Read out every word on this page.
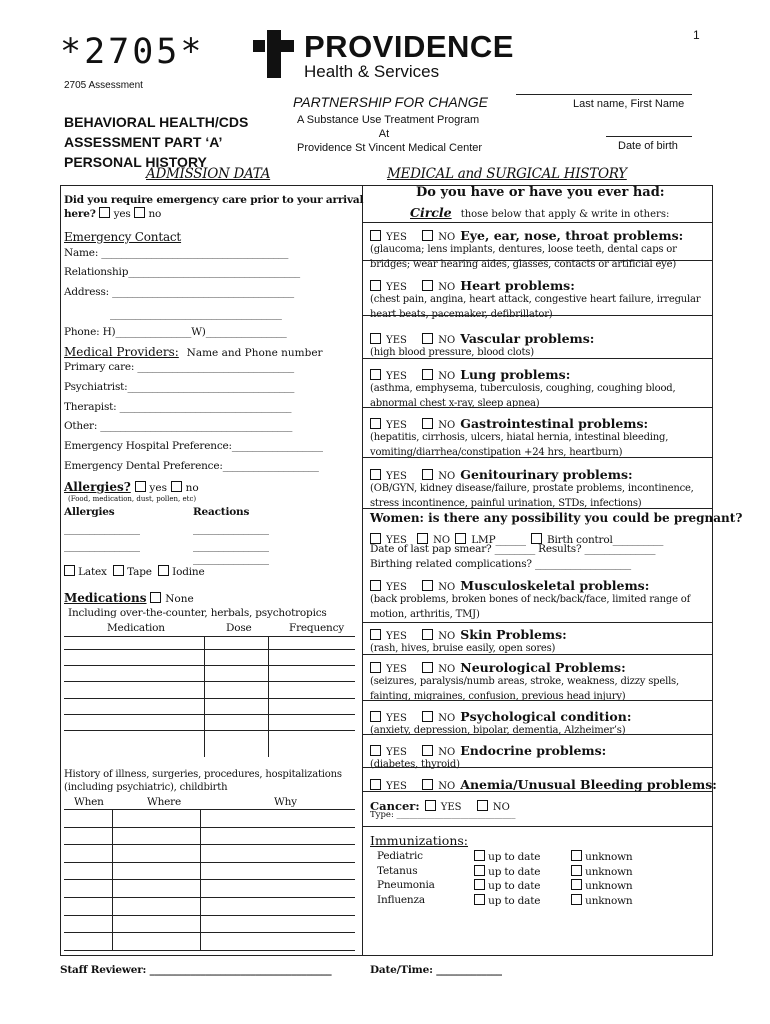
1
*2705*
2705 Assessment
PROVIDENCE
Health & Services
BEHAVIORAL HEALTH/CDS
ASSESSMENT PART ‘A’
PERSONAL HISTORY
PARTNERSHIP FOR CHANGE
A Substance Use Treatment Program
At
Providence St Vincent Medical Center
Last name, First Name
Date of birth
ADMISSION DATA
Did you require emergency care prior to your arrival
here? yes no
Emergency Contact
Name: _____________________________________
Relationship__________________________________
Address: ____________________________________
__________________________________
Phone: H)_______________W)________________
Medical Providers: Name and Phone number
Primary care: _______________________________
Psychiatrist:_________________________________
Therapist: __________________________________
Other: ______________________________________
Emergency Hospital Preference:__________________
Emergency Dental Preference:___________________
Allergies? yes no
(Food, medication, dust, pollen, etc)
Allergies	Reactions
_______________	_______________
_______________	_______________
_______________
Latex Tape Iodine
Medications None
Including over-the-counter, herbals, psychotropics
Medication	Dose	Frequency
History of illness, surgeries, procedures, hospitalizations
(including psychiatric), childbirth
When	Where	Why
MEDICAL and SURGICAL HISTORY
Do you have or have you ever had:
Circle those below that apply & write in others:
YES	NO Eye, ear, nose, throat problems:
(glaucoma; lens implants, dentures, loose teeth, dental caps or bridges; wear hearing aides, glasses, contacts or artificial eye)
YES	NO Heart problems:
(chest pain, angina, heart attack, congestive heart failure, irregular heart beats, pacemaker, defibrillator)
YES	NO Vascular problems:
(high blood pressure, blood clots)
YES	NO Lung problems:
(asthma, emphysema, tuberculosis, coughing, coughing blood, abnormal chest x-ray, sleep apnea)
YES	NO Gastrointestinal problems:
(hepatitis, cirrhosis, ulcers, hiatal hernia, intestinal bleeding, vomiting/diarrhea/constipation +24 hrs, heartburn)
YES	NO Genitourinary problems:
(OB/GYN, kidney disease/failure, prostate problems, incontinence, stress incontinence, painful urination, STDs, infections)
YES	NO Musculoskeletal problems:
(back problems, broken bones of neck/back/face, limited range of motion, arthritis, TMJ)
YES	NO Skin Problems:
(rash, hives, bruise easily, open sores)
YES	NO Neurological Problems:
(seizures, paralysis/numb areas, stroke, weakness, dizzy spells, fainting, migraines, confusion, previous head injury)
YES	NO Psychological condition:
(anxiety, depression, bipolar, dementia, Alzheimer’s)
YES	NO Endocrine problems:
(diabetes, thyroid)
YES	NO Anemia/Unusual Bleeding problems:
Women: is there any possibility you could be pregnant?
YES	NO LMP______ Birth control__________
Date of last pap smear? ________ Results? ______________
Birthing related complications? ___________________
Cancer: YES	NO
Type: ____________________________
Immunizations:
Pediatric	up to date	unknown
Tetanus	up to date	unknown
Pneumonia	up to date	unknown
Influenza	up to date	unknown
Staff Reviewer: ____________________________________	Date/Time: _____________
